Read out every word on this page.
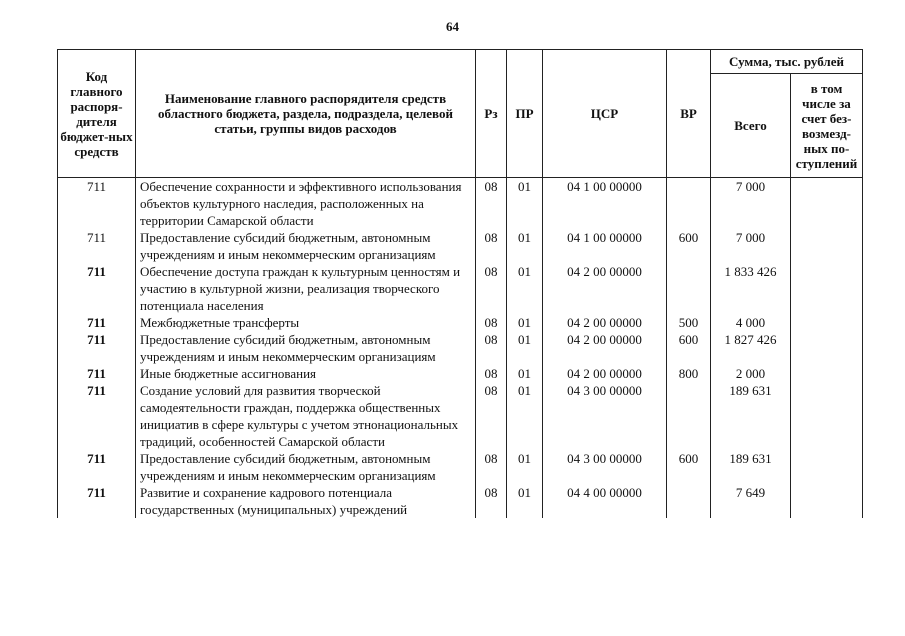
64
Код главного распоря-дителя бюджет-ных средств	Наименование главного распорядителя средств областного бюджета, раздела, подраздела, целевой статьи, группы видов расходов	Рз	ПР	ЦСР	ВР	Сумма, тыс. рублей	
						Всего	в том числе за счет без-возмезд-ных по-ступлений
711	Обеспечение сохранности и эффективного использования объектов культурного наследия, расположенных на территории Самарской области	08	01	04 1 00 00000		7 000	
711	Предоставление субсидий бюджетным, автономным учреждениям и иным некоммерческим организациям	08	01	04 1 00 00000	600	7 000	
711	Обеспечение доступа граждан к культурным ценностям и участию в культурной жизни, реализация творческого потенциала населения	08	01	04 2 00 00000		1 833 426	
711	Межбюджетные трансферты	08	01	04 2 00 00000	500	4 000	
711	Предоставление субсидий бюджетным, автономным учреждениям и иным некоммерческим организациям	08	01	04 2 00 00000	600	1 827 426	
711	Иные бюджетные ассигнования	08	01	04 2 00 00000	800	2 000	
711	Создание условий для развития творческой самодеятельности граждан, поддержка общественных инициатив в сфере культуры с учетом этнонациональных традиций, особенностей Самарской области	08	01	04 3 00 00000		189 631	
711	Предоставление субсидий бюджетным, автономным учреждениям и иным некоммерческим организациям	08	01	04 3 00 00000	600	189 631	
711	Развитие и сохранение кадрового потенциала государственных (муниципальных) учреждений	08	01	04 4 00 00000		7 649	
